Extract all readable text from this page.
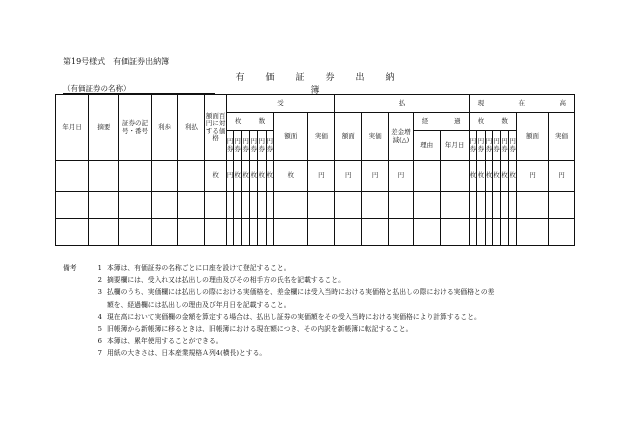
第19号様式　有価証券出納簿
有　価　証　券　出　納　簿
（有価証券の名称）
年月日	摘要	証券の記号・番号	利歩	利払	額面百円に対する価格	受								払					現 在 高							

						枚 数						額面	実価	額面	実価	差金増減(△)	経 過		枚 数						額面	実価
						円券	円券	円券	円券	円券	円券						理由	年月日	円券	円券	円券	円券	円券	円券		
					枚	円	枚	枚	枚	枚	枚	枚	円	円	円	円			枚	枚	枚	枚	枚	枚	円	円

備考	1 本簿は、有価証券の名称ごとに口座を設けて登記すること。
2 摘要欄には、受入れ又は払出しの理由及びその相手方の氏名を記載すること。
3 払欄のうち、実価欄には払出しの際における実価格を、差金欄には受入当時における実価格と払出しの際における実価格との差
額を、経過欄には払出しの理由及び年月日を記載すること。
4 現在高において実価欄の金額を算定する場合は、払出し証券の実価額をその受入当時における実価格により計算すること。
5 旧帳簿から新帳簿に移るときは、旧帳簿における現在額につき、その内訳を新帳簿に転記すること。
6 本簿は、累年使用することができる。
7 用紙の大きさは、日本産業規格Ａ列4(横長)とする。
